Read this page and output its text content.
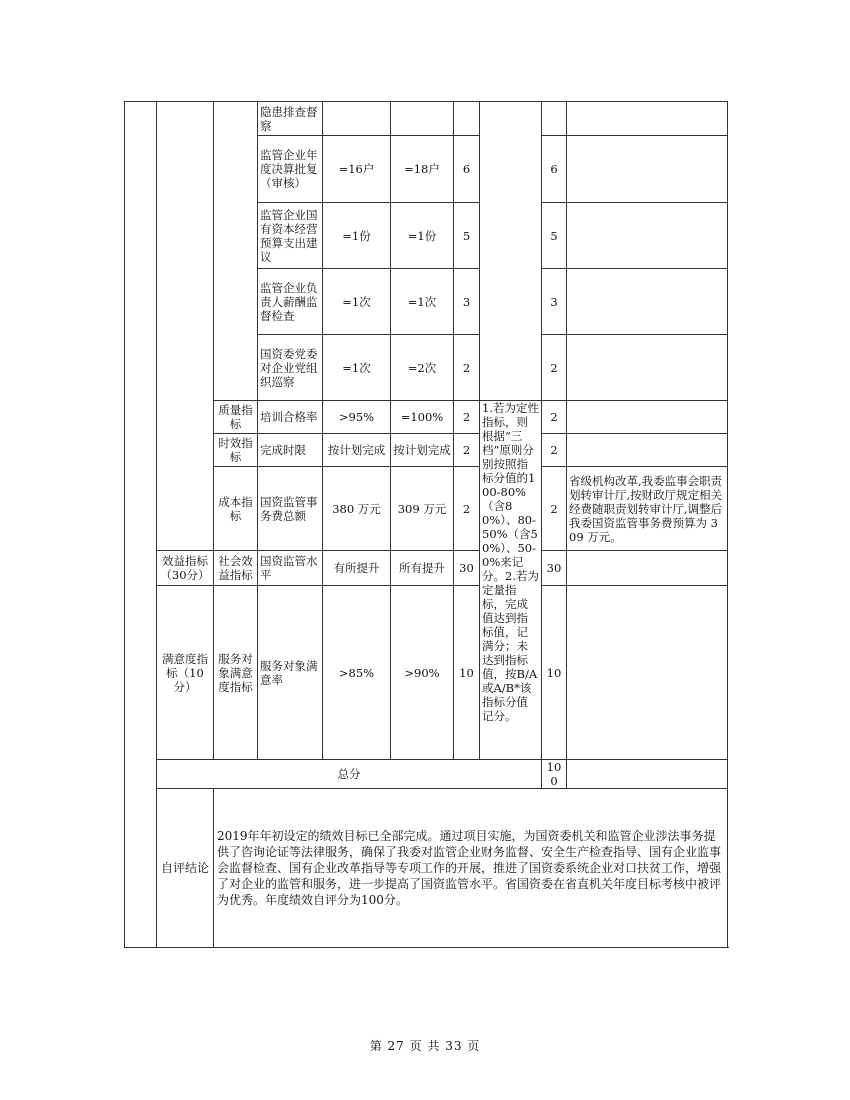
			隐患排查督察						
			监管企业年度决算批复（审核）	=16户	=18户	6		6	
			监管企业国有资本经营预算支出建议	=1份	=1份	5		5	
			监管企业负责人薪酬监督检查	=1次	=1次	3		3	
			国资委党委对企业党组织巡察	=1次	=2次	2		2	
		质量指标	培训合格率	>95%	=100%	2	1.若为定性指标，则根据“三档”原则分别按照指标分值的100-80%（含80%）、80-50%（含50%）、50-0%来记分。2.若为定量指标，完成值达到指标值，记满分；未达到指标值，按B/A或A/B*该指标分值记分。	2	
		时效指标	完成时限	按计划完成	按计划完成	2		2	
		成本指标	国资监管事务费总额	380 万元	309 万元	2		2	省级机构改革,我委监事会职责划转审计厅,按财政厅规定相关经费随职责划转审计厅,调整后我委国资监管事务费预算为 309 万元。
	效益指标（30分）	社会效益指标	国资监管水平	有所提升	所有提升	30		30	
	满意度指标（10分）	服务对象满意度指标	服务对象满意率	>85%	>90%	10		10	
	总分							100	
	自评结论	2019年年初设定的绩效目标已全部完成。通过项目实施，为国资委机关和监管企业涉法事务提供了咨询论证等法律服务，确保了我委对监管企业财务监督、安全生产检查指导、国有企业监事会监督检查、国有企业改革指导等专项工作的开展，推进了国资委系统企业对口扶贫工作，增强了对企业的监管和服务，进一步提高了国资监管水平。省国资委在省直机关年度目标考核中被评为优秀。年度绩效自评分为100分。							
第 27 页 共 33 页
